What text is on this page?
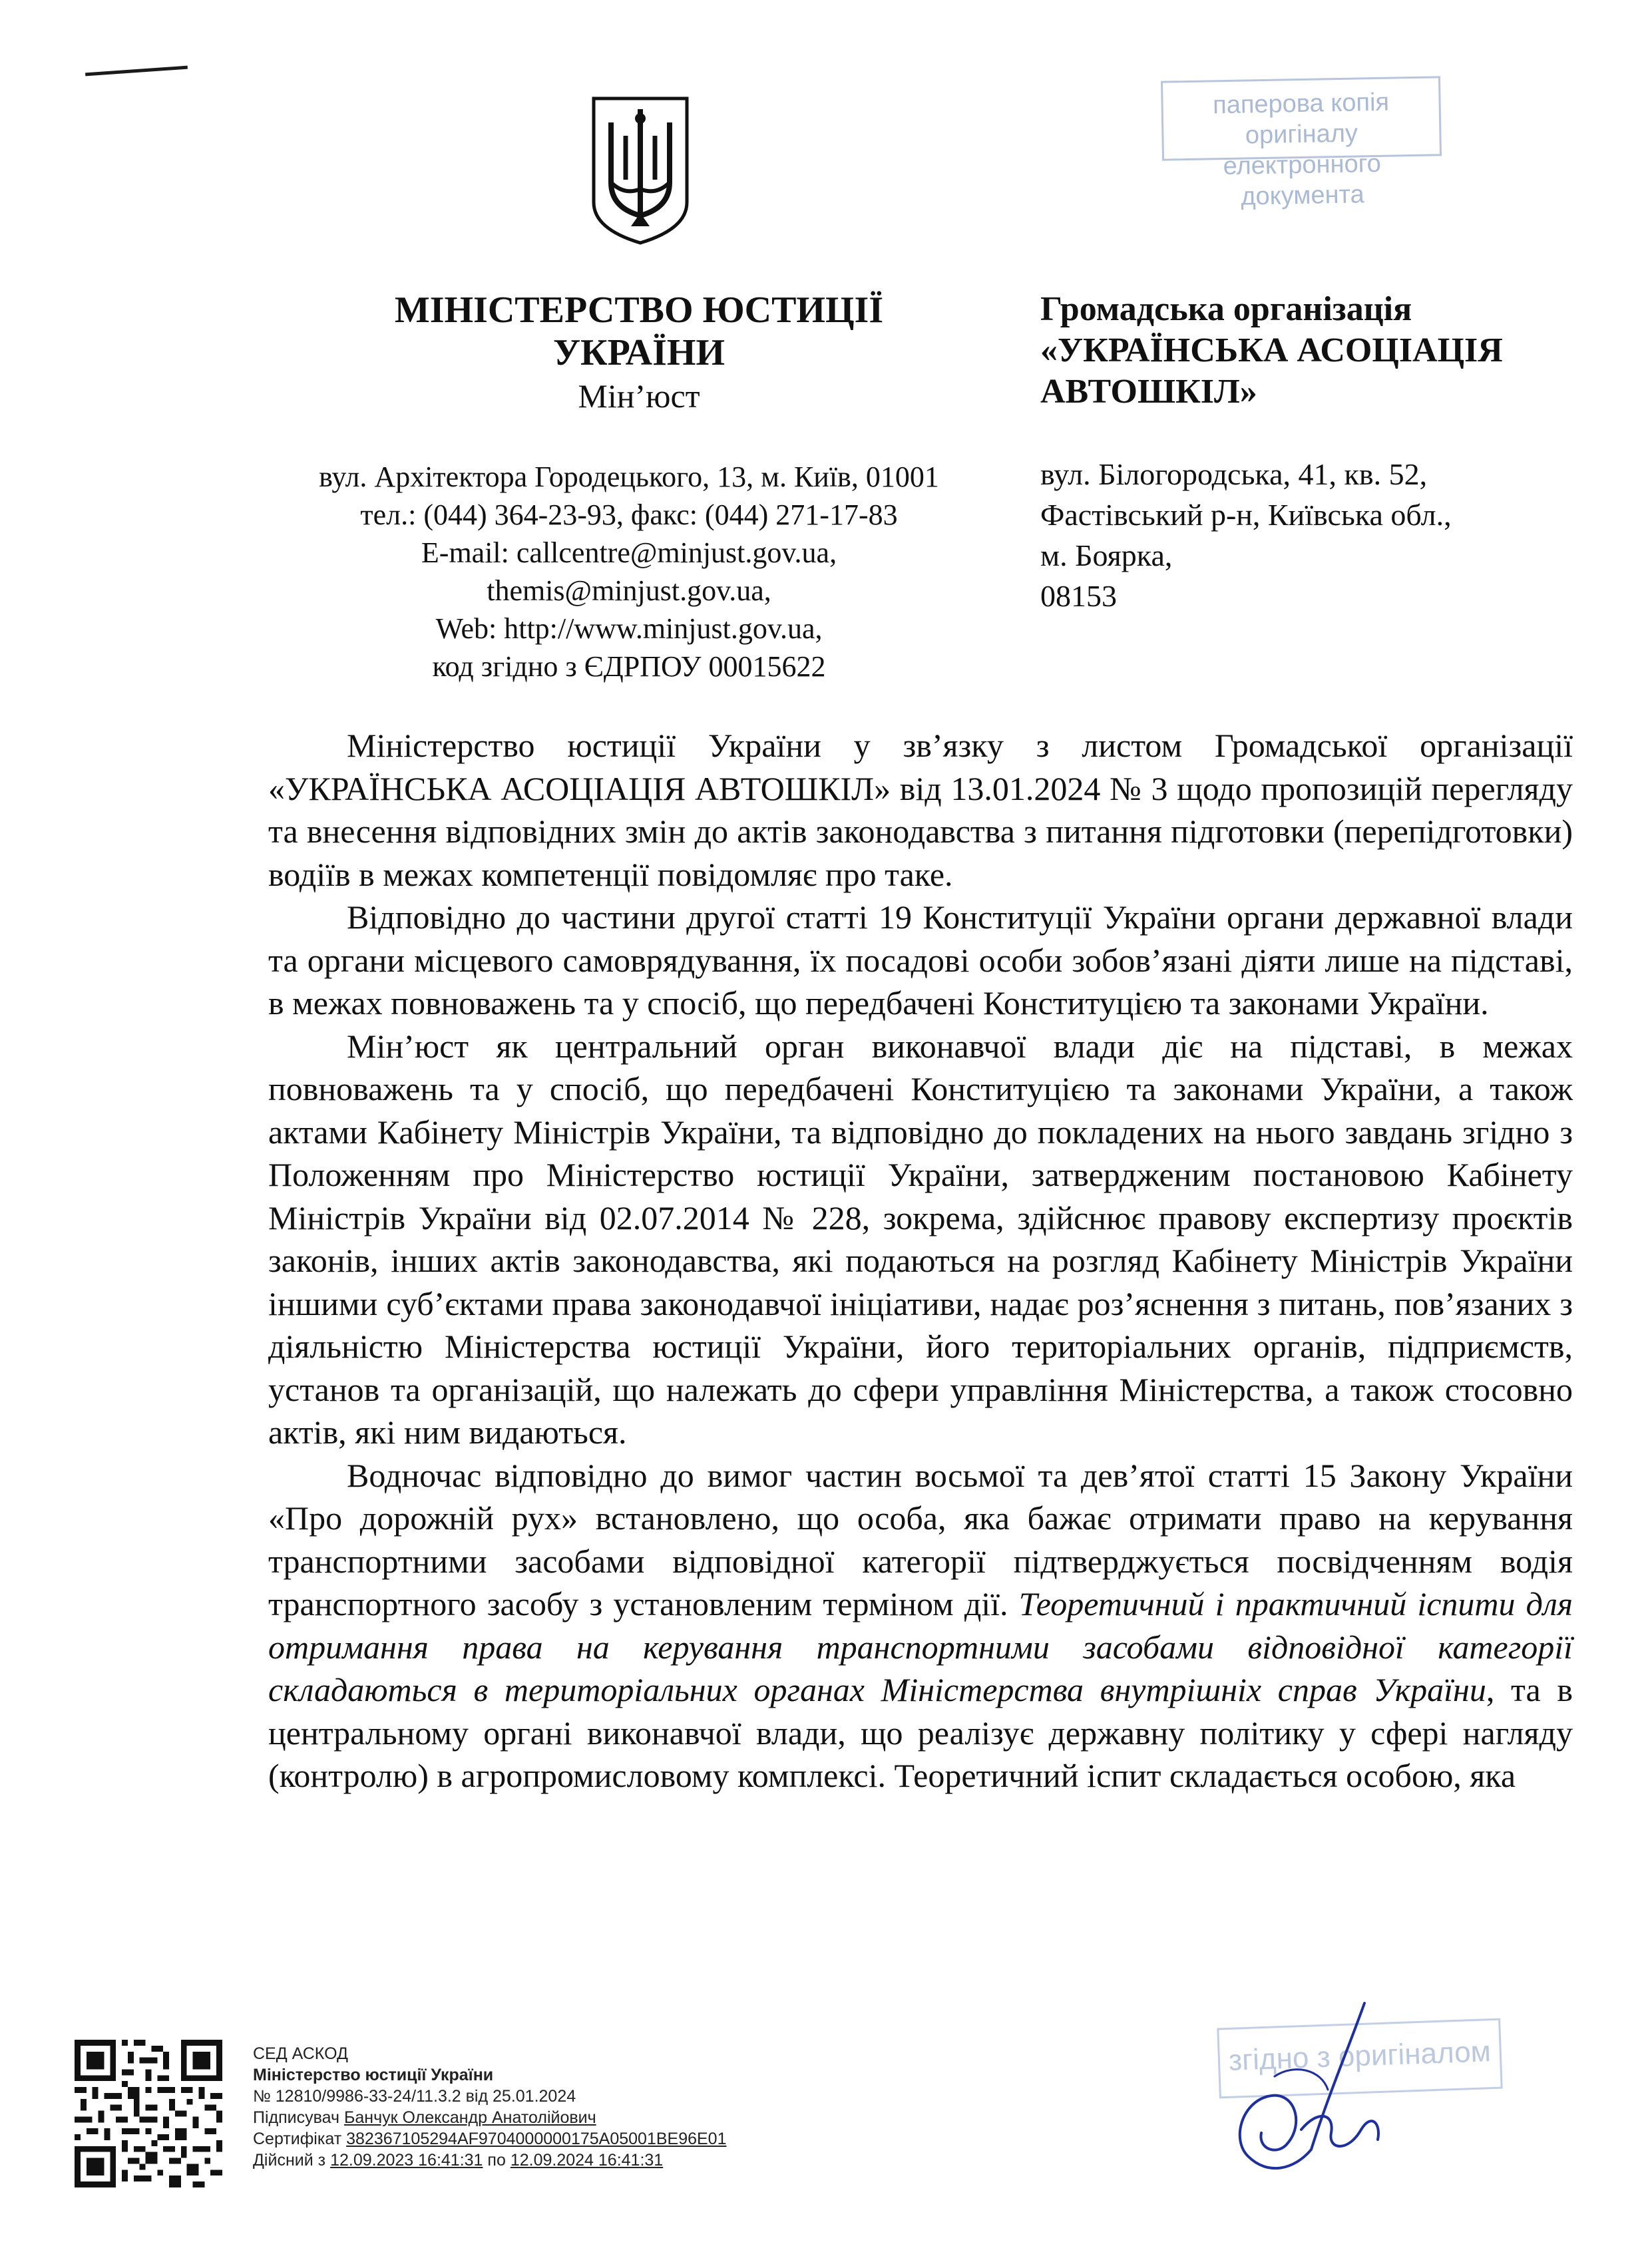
паперова копія оригіналу
електронного документа
МІНІСТЕРСТВО ЮСТИЦІЇ
УКРАЇНИ
Мін’юст
вул. Архітектора Городецького, 13, м. Київ, 01001
тел.: (044) 364-23-93, факс: (044) 271-17-83
E-mail: callcentre@minjust.gov.ua,
themis@minjust.gov.ua,
Web: http://www.minjust.gov.ua,
код згідно з ЄДРПОУ 00015622
Громадська організація
«УКРАЇНСЬКА АСОЦІАЦІЯ
АВТОШКІЛ»
вул. Білогородська, 41, кв. 52,
Фастівський р-н, Київська обл.,
м. Боярка,
08153

Міністерство юстиції України у зв’язку з листом Громадської організації «УКРАЇНСЬКА АСОЦІАЦІЯ АВТОШКІЛ» від 13.01.2024 № 3 щодо пропозицій перегляду та внесення відповідних змін до актів законодавства з питання підготовки (перепідготовки) водіїв в межах компетенції повідомляє про таке.

Відповідно до частини другої статті 19 Конституції України органи державної влади та органи місцевого самоврядування, їх посадові особи зобов’язані діяти лише на підставі, в межах повноважень та у спосіб, що передбачені Конституцією та законами України.

Мін’юст як центральний орган виконавчої влади діє на підставі, в межах повноважень та у спосіб, що передбачені Конституцією та законами України, а також актами Кабінету Міністрів України, та відповідно до покладених на нього завдань згідно з Положенням про Міністерство юстиції України, затвердженим постановою Кабінету Міністрів України від 02.07.2014 № 228, зокрема, здійснює правову експертизу проєктів законів, інших актів законодавства, які подаються на розгляд Кабінету Міністрів України іншими суб’єктами права законодавчої ініціативи, надає роз’яснення з питань, пов’язаних з діяльністю Міністерства юстиції України, його територіальних органів, підприємств, установ та організацій, що належать до сфери управління Міністерства, а також стосовно актів, які ним видаються.

Водночас відповідно до вимог частин восьмої та дев’ятої статті 15 Закону України «Про дорожній рух» встановлено, що особа, яка бажає отримати право на керування транспортними засобами відповідної категорії підтверджується посвідченням водія транспортного засобу з установленим терміном дії. Теоретичний і практичний іспити для отримання права на керування транспортними засобами відповідної категорії складаються в територіальних органах Міністерства внутрішніх справ України, та в центральному органі виконавчої влади, що реалізує державну політику у сфері нагляду (контролю) в агропромисловому комплексі. Теоретичний іспит складається особою, яка

СЕД АСКОД
Міністерство юстиції України
№ 12810/9986-33-24/11.3.2 від 25.01.2024
Підписувач Банчук Олександр Анатолійович
Сертифікат 382367105294AF9704000000175A05001BE96E01
Дійсний з 12.09.2023 16:41:31 по 12.09.2024 16:41:31
згідно з оригіналом
